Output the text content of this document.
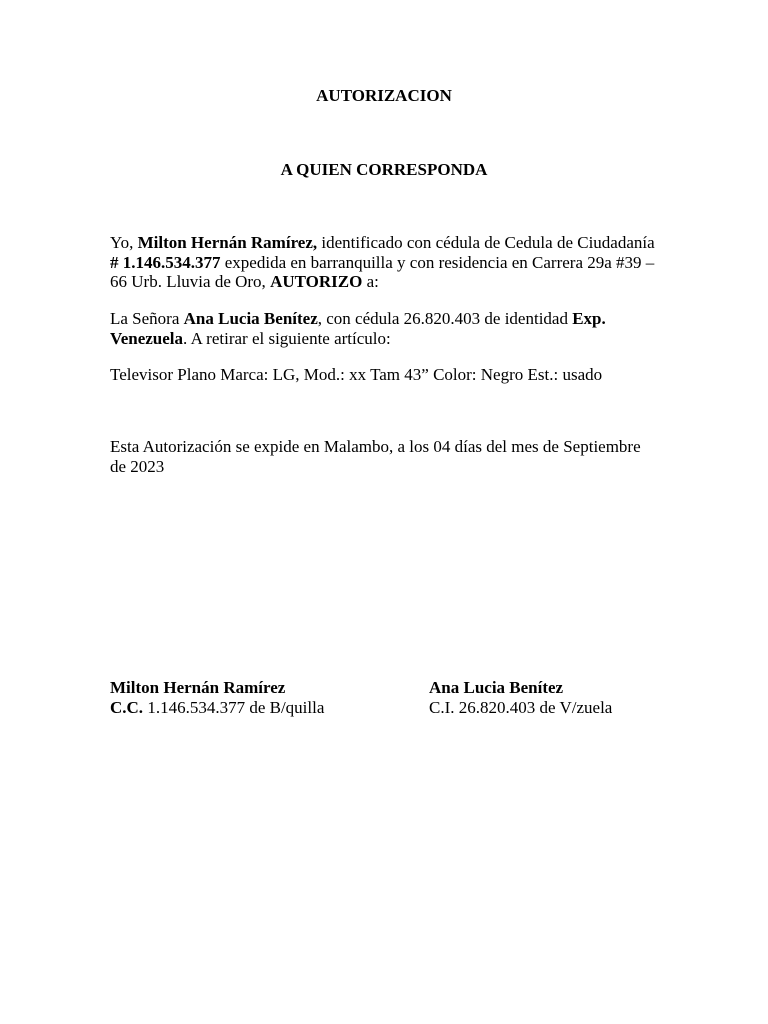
AUTORIZACION
A QUIEN CORRESPONDA

Yo, Milton Hernán Ramírez, identificado con cédula de Cedula de Ciudadanía # 1.146.534.377 expedida en barranquilla y con residencia en Carrera 29a #39 – 66 Urb. Lluvia de Oro, AUTORIZO a:

La Señora Ana Lucia Benítez, con cédula 26.820.403 de identidad Exp. Venezuela. A retirar el siguiente artículo:

Televisor Plano Marca: LG, Mod.: xx Tam 43” Color: Negro Est.: usado

Esta Autorización se expide en Malambo, a los 04 días del mes de Septiembre de 2023

Milton Hernán Ramírez
C.C. 1.146.534.377 de B/quilla
Ana Lucia Benítez
C.I. 26.820.403 de V/zuela
